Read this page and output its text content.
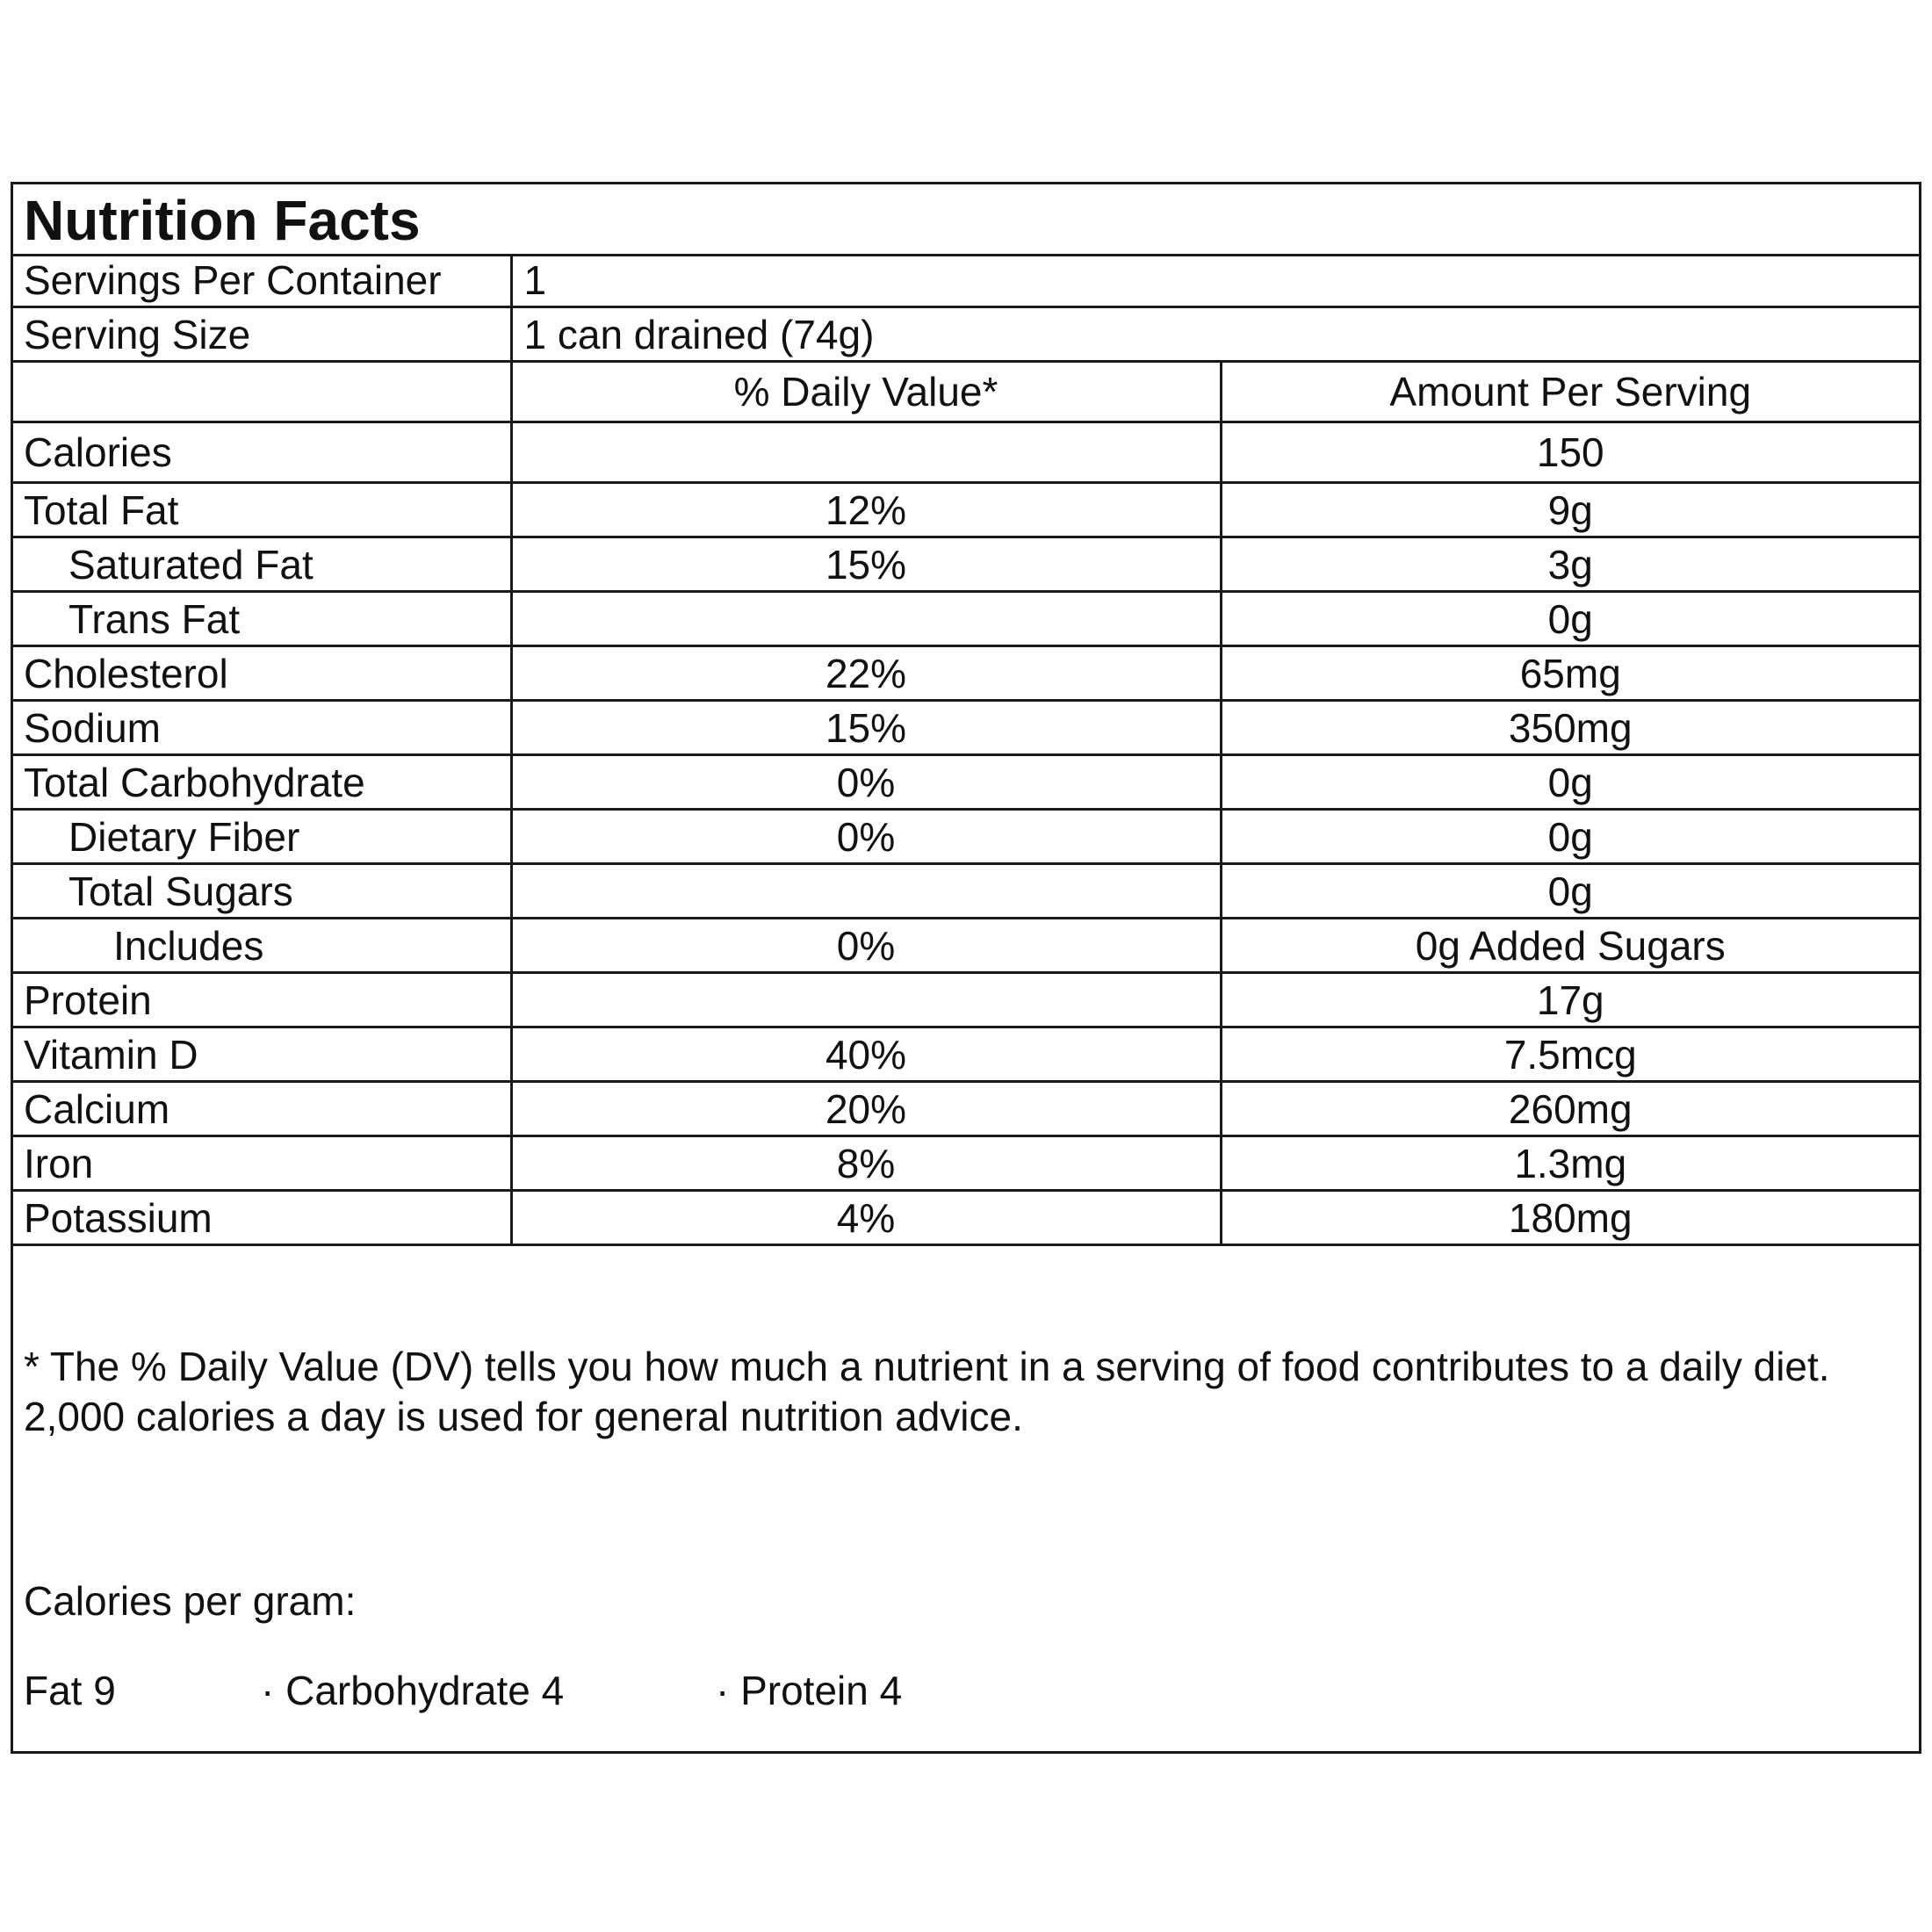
Nutrition Facts
Servings Per Container	1	
Serving Size	1 can drained (74g)	
	% Daily Value*	Amount Per Serving
Calories		150
Total Fat	12%	9g
Saturated Fat	15%	3g
Trans Fat		0g
Cholesterol	22%	65mg
Sodium	15%	350mg
Total Carbohydrate	0%	0g
Dietary Fiber	0%	0g
Total Sugars		0g
Includes	0%	0g Added Sugars
Protein		17g
Vitamin D	40%	7.5mcg
Calcium	20%	260mg
Iron	8%	1.3mg
Potassium	4%	180mg
* The % Daily Value (DV) tells you how much a nutrient in a serving of food contributes to a daily diet. 2,000 calories a day is used for general nutrition advice.
Calories per gram:
Fat 9	· Carbohydrate 4	· Protein 4
